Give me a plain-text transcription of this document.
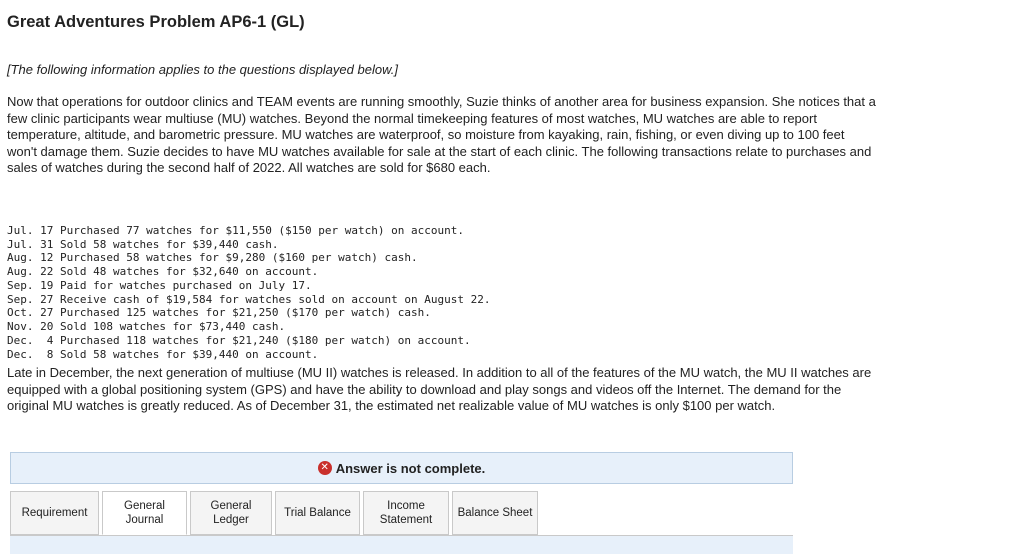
Great Adventures Problem AP6-1 (GL)
[The following information applies to the questions displayed below.]
Now that operations for outdoor clinics and TEAM events are running smoothly, Suzie thinks of another area for business expansion. She notices that a few clinic participants wear multiuse (MU) watches. Beyond the normal timekeeping features of most watches, MU watches are able to report temperature, altitude, and barometric pressure. MU watches are waterproof, so moisture from kayaking, rain, fishing, or even diving up to 100 feet won't damage them. Suzie decides to have MU watches available for sale at the start of each clinic. The following transactions relate to purchases and sales of watches during the second half of 2022. All watches are sold for $680 each.

Jul. 17 Purchased 77 watches for $11,550 ($150 per watch) on account.
Jul. 31 Sold 58 watches for $39,440 cash.
Aug. 12 Purchased 58 watches for $9,280 ($160 per watch) cash.
Aug. 22 Sold 48 watches for $32,640 on account.
Sep. 19 Paid for watches purchased on July 17.
Sep. 27 Receive cash of $19,584 for watches sold on account on August 22.
Oct. 27 Purchased 125 watches for $21,250 ($170 per watch) cash.
Nov. 20 Sold 108 watches for $73,440 cash.
Dec.  4 Purchased 118 watches for $21,240 ($180 per watch) on account.
Dec.  8 Sold 58 watches for $39,440 on account.

Late in December, the next generation of multiuse (MU II) watches is released. In addition to all of the features of the MU watch, the MU II watches are equipped with a global positioning system (GPS) and have the ability to download and play songs and videos off the Internet. The demand for the original MU watches is greatly reduced. As of December 31, the estimated net realizable value of MU watches is only $100 per watch.
✕ Answer is not complete.
Requirement
General
Journal
General
Ledger
Trial Balance
Income
Statement
Balance Sheet
